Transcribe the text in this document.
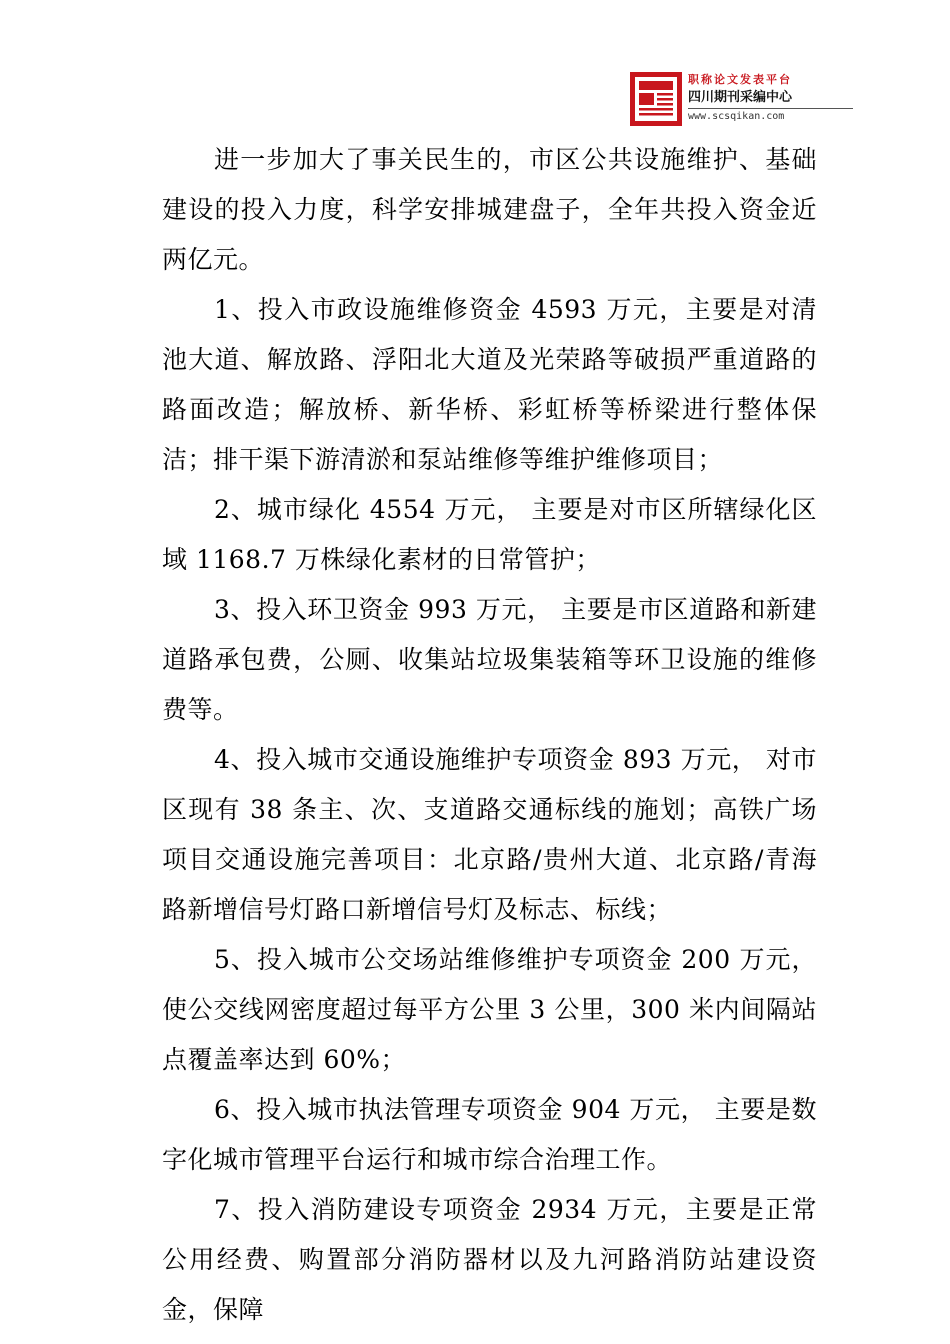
职称论文发表平台
四川期刊采编中心
www.scsqikan.com

进一步加大了事关民生的，市区公共设施维护、基础建设的投入力度，科学安排城建盘子，全年共投入资金近两亿元。

1、投入市政设施维修资金 4593 万元，主要是对清池大道、解放路、浮阳北大道及光荣路等破损严重道路的路面改造；解放桥、新华桥、彩虹桥等桥梁进行整体保洁；排干渠下游清淤和泵站维修等维护维修项目；

2、城市绿化 4554 万元， 主要是对市区所辖绿化区域 1168.7 万株绿化素材的日常管护；

3、投入环卫资金 993 万元， 主要是市区道路和新建道路承包费，公厕、收集站垃圾集装箱等环卫设施的维修费等。

4、投入城市交通设施维护专项资金 893 万元， 对市区现有 38 条主、次、支道路交通标线的施划；高铁广场项目交通设施完善项目：北京路/贵州大道、北京路/青海路新增信号灯路口新增信号灯及标志、标线；

5、投入城市公交场站维修维护专项资金 200 万元， 使公交线网密度超过每平方公里 3 公里，300 米内间隔站点覆盖率达到 60%；

6、投入城市执法管理专项资金 904 万元， 主要是数字化城市管理平台运行和城市综合治理工作。

7、投入消防建设专项资金 2934 万元，主要是正常公用经费、购置部分消防器材以及九河路消防站建设资金，保障
